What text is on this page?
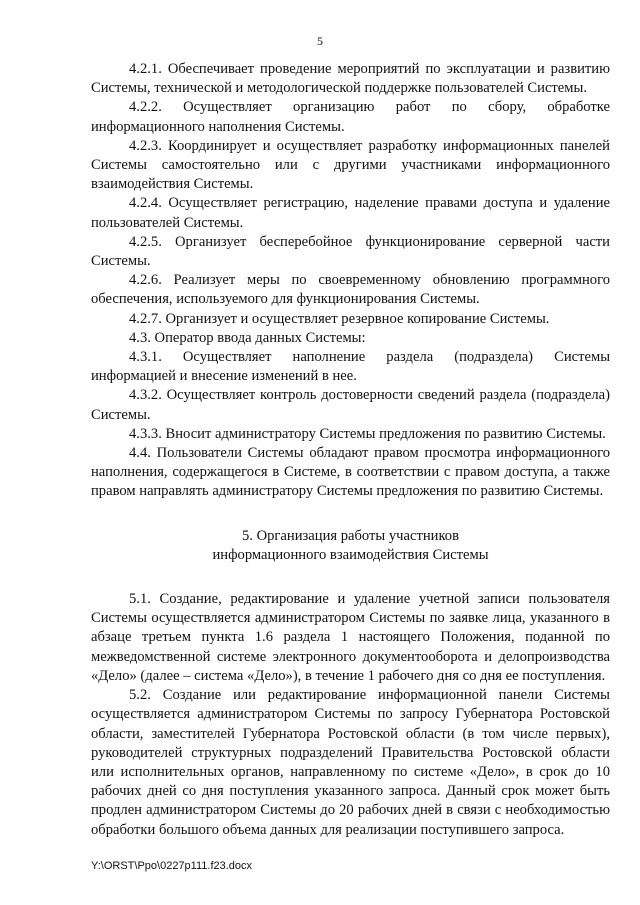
5

4.2.1. Обеспечивает проведение мероприятий по эксплуатации и развитию Системы, технической и методологической поддержке пользователей Системы.

4.2.2. Осуществляет организацию работ по сбору, обработке информационного наполнения Системы.

4.2.3. Координирует и осуществляет разработку информационных панелей Системы самостоятельно или с другими участниками информационного взаимодействия Системы.

4.2.4. Осуществляет регистрацию, наделение правами доступа и удаление пользователей Системы.

4.2.5. Организует бесперебойное функционирование серверной части Системы.

4.2.6. Реализует меры по своевременному обновлению программного обеспечения, используемого для функционирования Системы.

4.2.7. Организует и осуществляет резервное копирование Системы.

4.3. Оператор ввода данных Системы:

4.3.1. Осуществляет наполнение раздела (подраздела) Системы информацией и внесение изменений в нее.

4.3.2. Осуществляет контроль достоверности сведений раздела (подраздела) Системы.

4.3.3. Вносит администратору Системы предложения по развитию Системы.

4.4. Пользователи Системы обладают правом просмотра информационного наполнения, содержащегося в Системе, в соответствии с правом доступа, а также правом направлять администратору Системы предложения по развитию Системы.

5. Организация работы участников
информационного взаимодействия Системы

5.1. Создание, редактирование и удаление учетной записи пользователя Системы осуществляется администратором Системы по заявке лица, указанного в абзаце третьем пункта 1.6 раздела 1 настоящего Положения, поданной по межведомственной системе электронного документооборота и делопроизводства «Дело» (далее – система «Дело»), в течение 1 рабочего дня со дня ее поступления.

5.2. Создание или редактирование информационной панели Системы осуществляется администратором Системы по запросу Губернатора Ростовской области, заместителей Губернатора Ростовской области (в том числе первых), руководителей структурных подразделений Правительства Ростовской области или исполнительных органов, направленному по системе «Дело», в срок до 10 рабочих дней со дня поступления указанного запроса. Данный срок может быть продлен администратором Системы до 20 рабочих дней в связи с необходимостью обработки большого объема данных для реализации поступившего запроса.

Y:\ORST\Ppo\0227p111.f23.docx
